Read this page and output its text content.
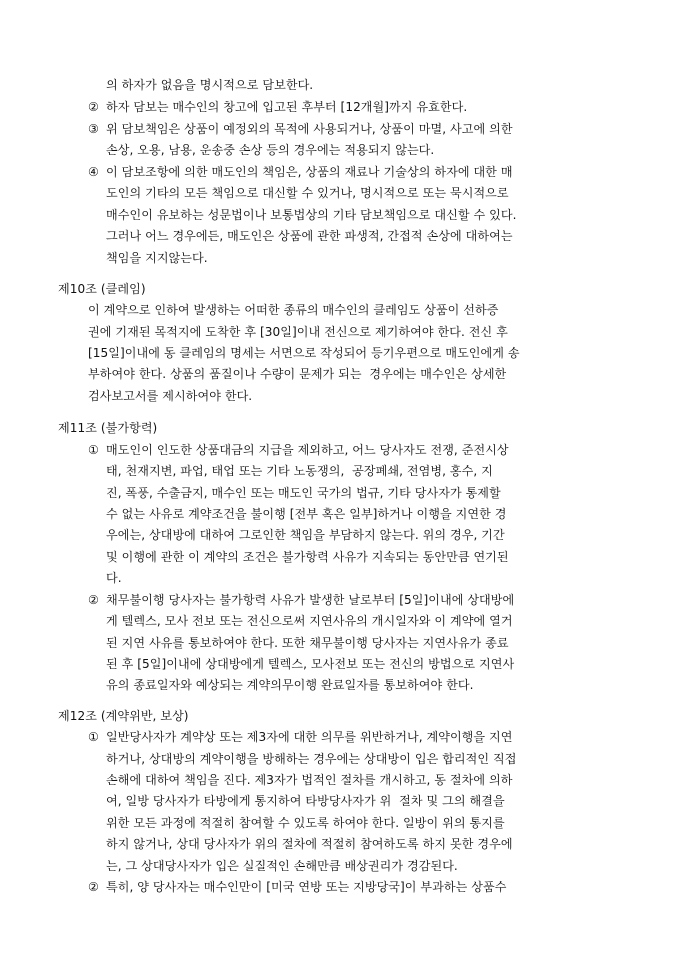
의 하자가 없음을 명시적으로 담보한다.
② 하자 담보는 매수인의 창고에 입고된 후부터 [12개월]까지 유효한다.
③ 위 담보책임은 상품이 예정외의 목적에 사용되거나, 상품이 마멸, 사고에 의한
손상, 오용, 남용, 운송중 손상 등의 경우에는 적용되지 않는다.
④ 이 담보조항에 의한 매도인의 책임은, 상품의 재료나 기술상의 하자에 대한 매
도인의 기타의 모든 책임으로 대신할 수 있거나, 명시적으로 또는 묵시적으로
매수인이 유보하는 성문법이나 보통법상의 기타 담보책임으로 대신할 수 있다.
그러나 어느 경우에든, 매도인은 상품에 관한 파생적, 간접적 손상에 대하여는
책임을 지지않는다.
제10조 (클레임)
이 계약으로 인하여 발생하는 어떠한 종류의 매수인의 클레임도 상품이 선하증
권에 기재된 목적지에 도착한 후 [30일]이내 전신으로 제기하여야 한다. 전신 후
[15일]이내에 동 클레임의 명세는 서면으로 작성되어 등기우편으로 매도인에게 송
부하여야 한다. 상품의 품질이나 수량이 문제가 되는  경우에는 매수인은 상세한
검사보고서를 제시하여야 한다.
제11조 (불가항력)
① 매도인이 인도한 상품대금의 지급을 제외하고, 어느 당사자도 전쟁, 준전시상
태, 천재지변, 파업, 태업 또는 기타 노동쟁의,  공장폐쇄, 전염병, 홍수, 지
진, 폭풍, 수출금지, 매수인 또는 매도인 국가의 법규, 기타 당사자가 통제할
수 없는 사유로 계약조건을 불이행 [전부 혹은 일부]하거나 이행을 지연한 경
우에는, 상대방에 대하여 그로인한 책임을 부담하지 않는다. 위의 경우, 기간
및 이행에 관한 이 계약의 조건은 불가항력 사유가 지속되는 동안만큼 연기된
다.
② 채무불이행 당사자는 불가항력 사유가 발생한 날로부터 [5일]이내에 상대방에
게 텔렉스, 모사 전보 또는 전신으로써 지연사유의 개시일자와 이 계약에 열거
된 지연 사유를 통보하여야 한다. 또한 채무불이행 당사자는 지연사유가 종료
된 후 [5일]이내에 상대방에게 텔렉스, 모사전보 또는 전신의 방법으로 지연사
유의 종료일자와 예상되는 계약의무이행 완료일자를 통보하여야 한다.
제12조 (계약위반, 보상)
① 일반당사자가 계약상 또는 제3자에 대한 의무를 위반하거나, 계약이행을 지연
하거나, 상대방의 계약이행을 방해하는 경우에는 상대방이 입은 합리적인 직접
손해에 대하여 책임을 진다. 제3자가 법적인 절차를 개시하고, 동 절차에 의하
여, 일방 당사자가 타방에게 통지하여 타방당사자가 위  절차 및 그의 해결을
위한 모든 과정에 적절히 참여할 수 있도록 하여야 한다. 일방이 위의 통지를
하지 않거나, 상대 당사자가 위의 절차에 적절히 참여하도록 하지 못한 경우에
는, 그 상대당사자가 입은 실질적인 손해만큼 배상권리가 경감된다.
② 특히, 양 당사자는 매수인만이 [미국 연방 또는 지방당국]이 부과하는 상품수
